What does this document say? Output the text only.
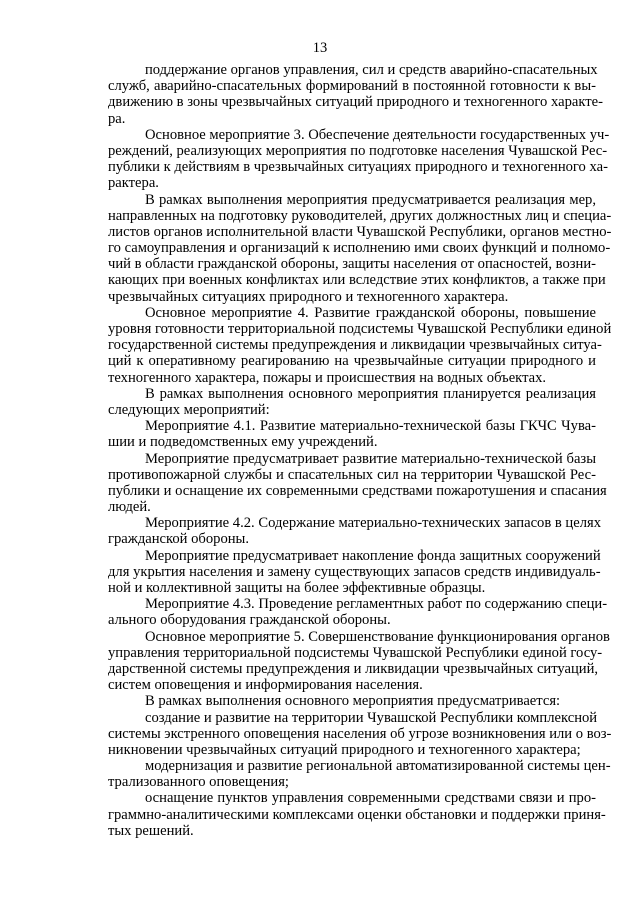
13
поддержание органов управления, сил и средств аварийно-спасательных
служб, аварийно-спасательных формирований в постоянной готовности к вы-
движению в зоны чрезвычайных ситуаций природного и техногенного характе-
ра.
Основное мероприятие 3. Обеспечение деятельности государственных уч-
реждений, реализующих мероприятия по подготовке населения Чувашской Рес-
публики к действиям в чрезвычайных ситуациях природного и техногенного ха-
рактера.
В рамках выполнения мероприятия предусматривается реализация мер,
направленных на подготовку руководителей, других должностных лиц и специа-
листов органов исполнительной власти Чувашской Республики, органов местно-
го самоуправления и организаций к исполнению ими своих функций и полномо-
чий в области гражданской обороны, защиты населения от опасностей, возни-
кающих при военных конфликтах или вследствие этих конфликтов, а также при
чрезвычайных ситуациях природного и техногенного характера.
Основное мероприятие 4. Развитие гражданской обороны, повышение
уровня готовности территориальной подсистемы Чувашской Республики единой
государственной системы предупреждения и ликвидации чрезвычайных ситуа-
ций к оперативному реагированию на чрезвычайные ситуации природного и
техногенного характера, пожары и происшествия на водных объектах.
В рамках выполнения основного мероприятия планируется реализация
следующих мероприятий:
Мероприятие 4.1. Развитие материально-технической базы ГКЧС Чува-
шии и подведомственных ему учреждений.
Мероприятие предусматривает развитие материально-технической базы
противопожарной службы и спасательных сил на территории Чувашской Рес-
публики и оснащение их современными средствами пожаротушения и спасания
людей.
Мероприятие 4.2. Содержание материально-технических запасов в целях
гражданской обороны.
Мероприятие предусматривает накопление фонда защитных сооружений
для укрытия населения и замену существующих запасов средств индивидуаль-
ной и коллективной защиты на более эффективные образцы.
Мероприятие 4.3. Проведение регламентных работ по содержанию специ-
ального оборудования гражданской обороны.
Основное мероприятие 5. Совершенствование функционирования органов
управления территориальной подсистемы Чувашской Республики единой госу-
дарственной системы предупреждения и ликвидации чрезвычайных ситуаций,
систем оповещения и информирования населения.
В рамках выполнения основного мероприятия предусматривается:
создание и развитие на территории Чувашской Республики комплексной
системы экстренного оповещения населения об угрозе возникновения или о воз-
никновении чрезвычайных ситуаций природного и техногенного характера;
модернизация и развитие региональной автоматизированной системы цен-
трализованного оповещения;
оснащение пунктов управления современными средствами связи и про-
граммно-аналитическими комплексами оценки обстановки и поддержки приня-
тых решений.
